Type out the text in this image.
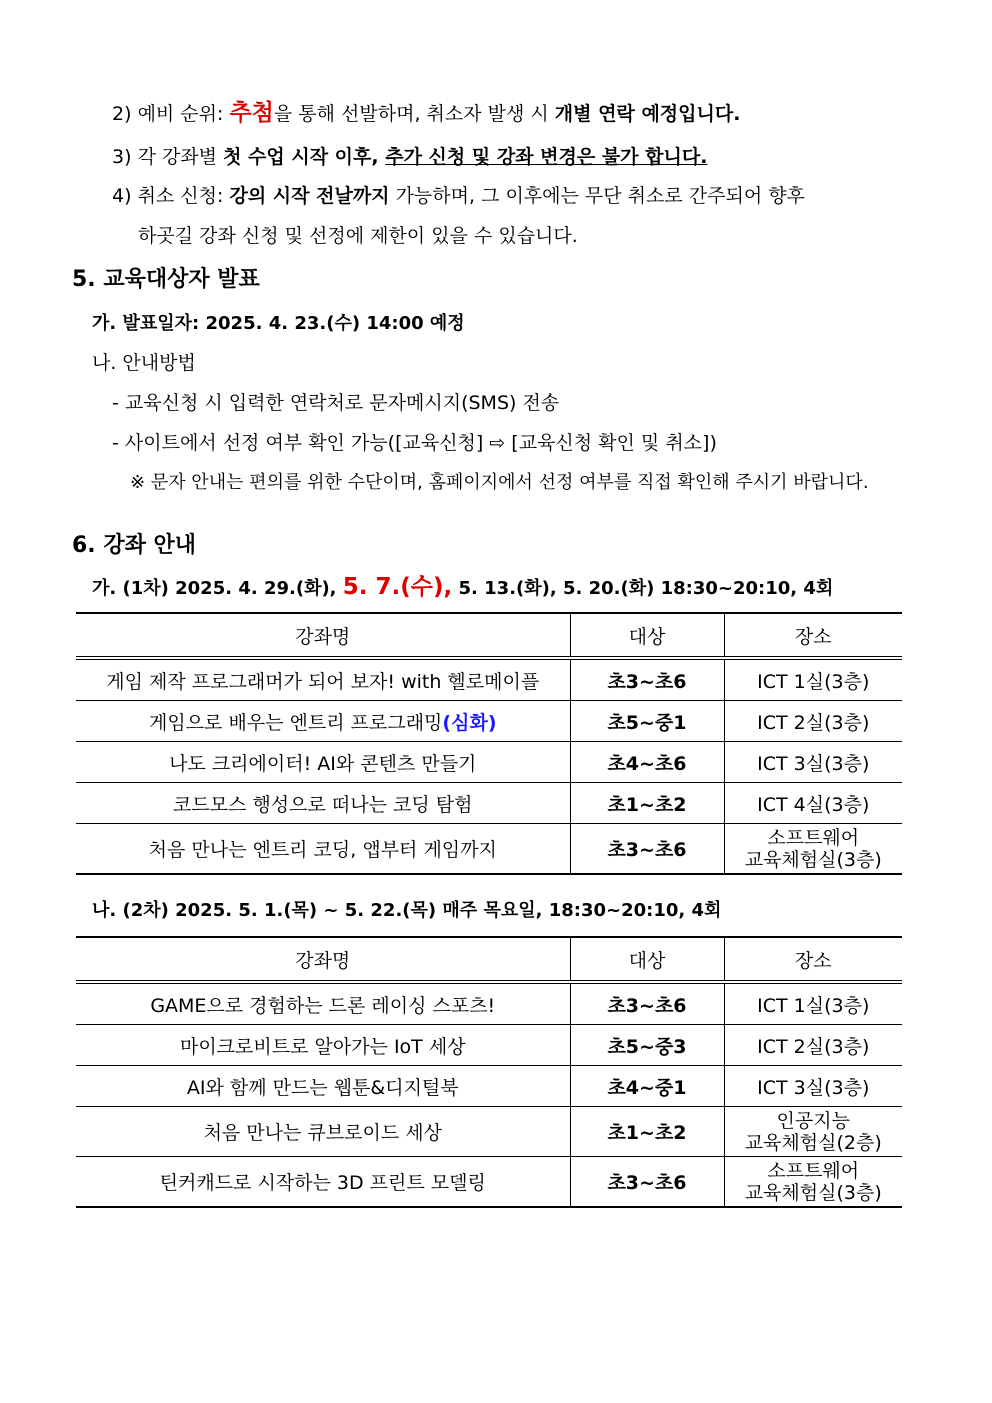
2) 예비 순위: 추첨을 통해 선발하며, 취소자 발생 시 개별 연락 예정입니다.
3) 각 강좌별 첫 수업 시작 이후, 추가 신청 및 강좌 변경은 불가 합니다.
4) 취소 신청: 강의 시작 전날까지 가능하며, 그 이후에는 무단 취소로 간주되어 향후
하곳길 강좌 신청 및 선정에 제한이 있을 수 있습니다.
5. 교육대상자 발표
가. 발표일자: 2025. 4. 23.(수) 14:00 예정
나. 안내방법
- 교육신청 시 입력한 연락처로 문자메시지(SMS) 전송
- 사이트에서 선정 여부 확인 가능([교육신청] ⇨ [교육신청 확인 및 취소])
※ 문자 안내는 편의를 위한 수단이며, 홈페이지에서 선정 여부를 직접 확인해 주시기 바랍니다.
6. 강좌 안내
가. (1차) 2025. 4. 29.(화), 5. 7.(수), 5. 13.(화), 5. 20.(화) 18:30~20:10, 4회
강좌명	대상	장소
게임 제작 프로그래머가 되어 보자! with 헬로메이플	초3~초6	ICT 1실(3층)
게임으로 배우는 엔트리 프로그래밍(심화)	초5~중1	ICT 2실(3층)
나도 크리에이터! AI와 콘텐츠 만들기	초4~초6	ICT 3실(3층)
코드모스 행성으로 떠나는 코딩 탐험	초1~초2	ICT 4실(3층)
처음 만나는 엔트리 코딩, 앱부터 게임까지	초3~초6	소프트웨어
교육체험실(3층)
나. (2차) 2025. 5. 1.(목) ~ 5. 22.(목) 매주 목요일, 18:30~20:10, 4회
강좌명	대상	장소
GAME으로 경험하는 드론 레이싱 스포츠!	초3~초6	ICT 1실(3층)
마이크로비트로 알아가는 IoT 세상	초5~중3	ICT 2실(3층)
AI와 함께 만드는 웹툰&디지털북	초4~중1	ICT 3실(3층)
처음 만나는 큐브로이드 세상	초1~초2	인공지능
교육체험실(2층)

틴커캐드로 시작하는 3D 프린트 모델링	초3~초6	소프트웨어
교육체험실(3층)
